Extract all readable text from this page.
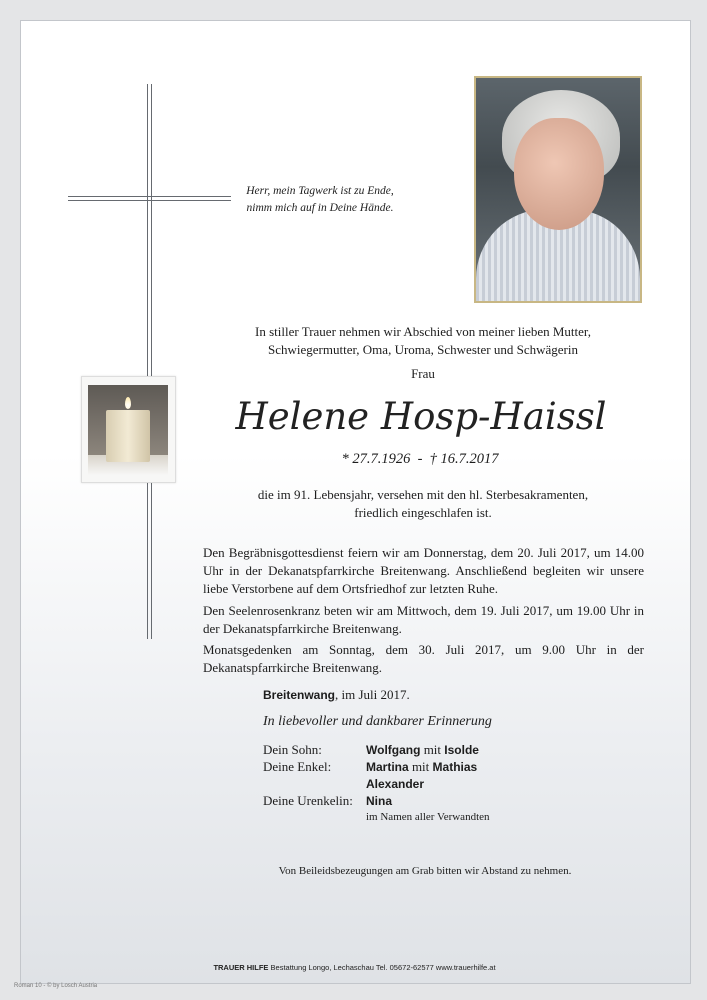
Herr, mein Tagwerk ist zu Ende,
nimm mich auf in Deine Hände.
In stiller Trauer nehmen wir Abschied von meiner lieben Mutter,
Schwiegermutter, Oma, Uroma, Schwester und Schwägerin
Frau
Helene Hosp-Haissl
* 27.7.1926  -  † 16.7.2017
die im 91. Lebensjahr, versehen mit den hl. Sterbesakramenten,
friedlich eingeschlafen ist.
Den Begräbnisgottesdienst feiern wir am Donnerstag, dem 20. Juli 2017, um 14.00 Uhr in der Dekanatspfarrkirche Breitenwang. Anschließend begleiten wir unsere liebe Verstorbene auf dem Ortsfriedhof zur letzten Ruhe.
Den Seelenrosenkranz beten wir am Mittwoch, dem 19. Juli 2017, um 19.00 Uhr in der Dekanatspfarrkirche Breitenwang.
Monatsgedenken am Sonntag, dem 30. Juli 2017, um 9.00 Uhr in der Dekanatspfarrkirche Breitenwang.
Breitenwang, im Juli 2017.
In liebevoller und dankbarer Erinnerung
Dein Sohn:	Wolfgang mit Isolde
Deine Enkel:	Martina mit Mathias
Alexander
Deine Urenkelin: Nina
im Namen aller Verwandten
Von Beileidsbezeugungen am Grab bitten wir Abstand zu nehmen.
TRAUER HILFE Bestattung Longo, Lechaschau Tel. 05672-62577 www.trauerhilfe.at
Roman 10 - © by Losch Austria
